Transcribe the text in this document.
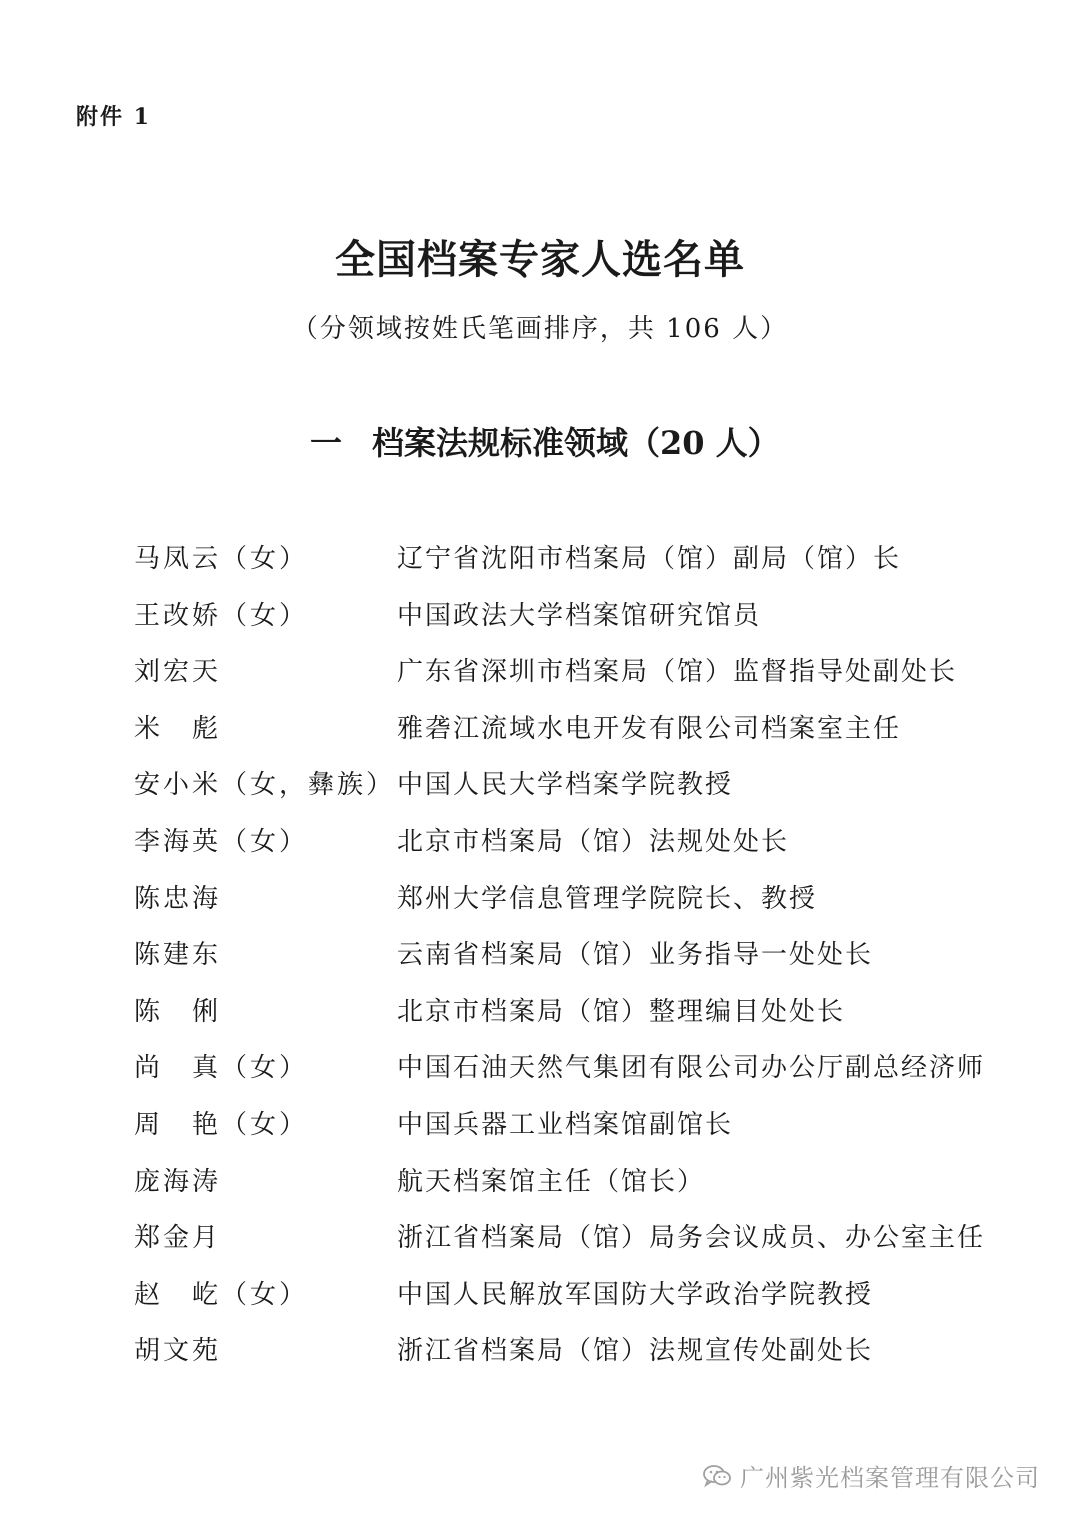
附件 1
全国档案专家人选名单
（分领域按姓氏笔画排序，共 106 人）
一 档案法规标准领域（20 人）
马凤云（女）	辽宁省沈阳市档案局（馆）副局（馆）长
王改娇（女）	中国政法大学档案馆研究馆员
刘宏天	广东省深圳市档案局（馆）监督指导处副处长
米　彪	雅砻江流域水电开发有限公司档案室主任
安小米（女，彝族） 中国人民大学档案学院教授
李海英（女）	北京市档案局（馆）法规处处长
陈忠海	郑州大学信息管理学院院长、教授
陈建东	云南省档案局（馆）业务指导一处处长
陈　俐	北京市档案局（馆）整理编目处处长
尚　真（女）	中国石油天然气集团有限公司办公厅副总经济师
周　艳（女）	中国兵器工业档案馆副馆长
庞海涛	航天档案馆主任（馆长）
郑金月	浙江省档案局（馆）局务会议成员、办公室主任
赵　屹（女）	中国人民解放军国防大学政治学院教授
胡文苑	浙江省档案局（馆）法规宣传处副处长
广州紫光档案管理有限公司
